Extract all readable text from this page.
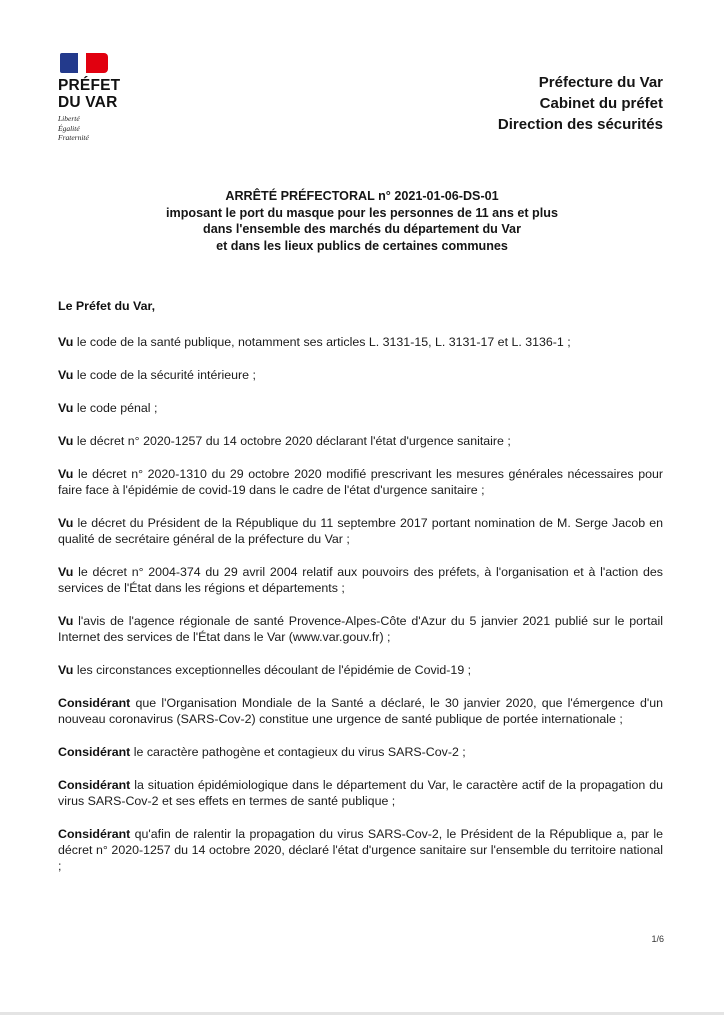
PRÉFET
DU VAR
Liberté
Égalité
Fraternité
Préfecture du Var
Cabinet du préfet
Direction des sécurités
ARRÊTÉ PRÉFECTORAL n° 2021-01-06-DS-01
imposant le port du masque pour les personnes de 11 ans et plus
dans l'ensemble des marchés du département du Var
et dans les lieux publics de certaines communes

Le Préfet du Var,

Vu le code de la santé publique, notamment ses articles L. 3131-15, L. 3131-17 et L. 3136-1 ;

Vu le code de la sécurité intérieure ;

Vu le code pénal ;

Vu le décret n° 2020-1257 du 14 octobre 2020 déclarant l'état d'urgence sanitaire ;

Vu le décret n° 2020-1310 du 29 octobre 2020 modifié prescrivant les mesures générales nécessaires pour faire face à l'épidémie de covid-19 dans le cadre de l'état d'urgence sanitaire ;

Vu le décret du Président de la République du 11 septembre 2017 portant nomination de M. Serge Jacob en qualité de secrétaire général de la préfecture du Var ;

Vu le décret n° 2004-374 du 29 avril 2004 relatif aux pouvoirs des préfets, à l'organisation et à l'action des services de l'État dans les régions et départements ;

Vu l'avis de l'agence régionale de santé Provence-Alpes-Côte d'Azur du 5 janvier 2021 publié sur le portail Internet des services de l'État dans le Var (www.var.gouv.fr) ;

Vu les circonstances exceptionnelles découlant de l'épidémie de Covid-19 ;

Considérant que l'Organisation Mondiale de la Santé a déclaré, le 30 janvier 2020, que l'émergence d'un nouveau coronavirus (SARS-Cov-2) constitue une urgence de santé publique de portée internationale ;

Considérant le caractère pathogène et contagieux du virus SARS-Cov-2 ;

Considérant la situation épidémiologique dans le département du Var, le caractère actif de la propagation du virus SARS-Cov-2 et ses effets en termes de santé publique ;

Considérant qu'afin de ralentir la propagation du virus SARS-Cov-2, le Président de la République a, par le décret n° 2020-1257 du 14 octobre 2020, déclaré l'état d'urgence sanitaire sur l'ensemble du territoire national ;

1/6
